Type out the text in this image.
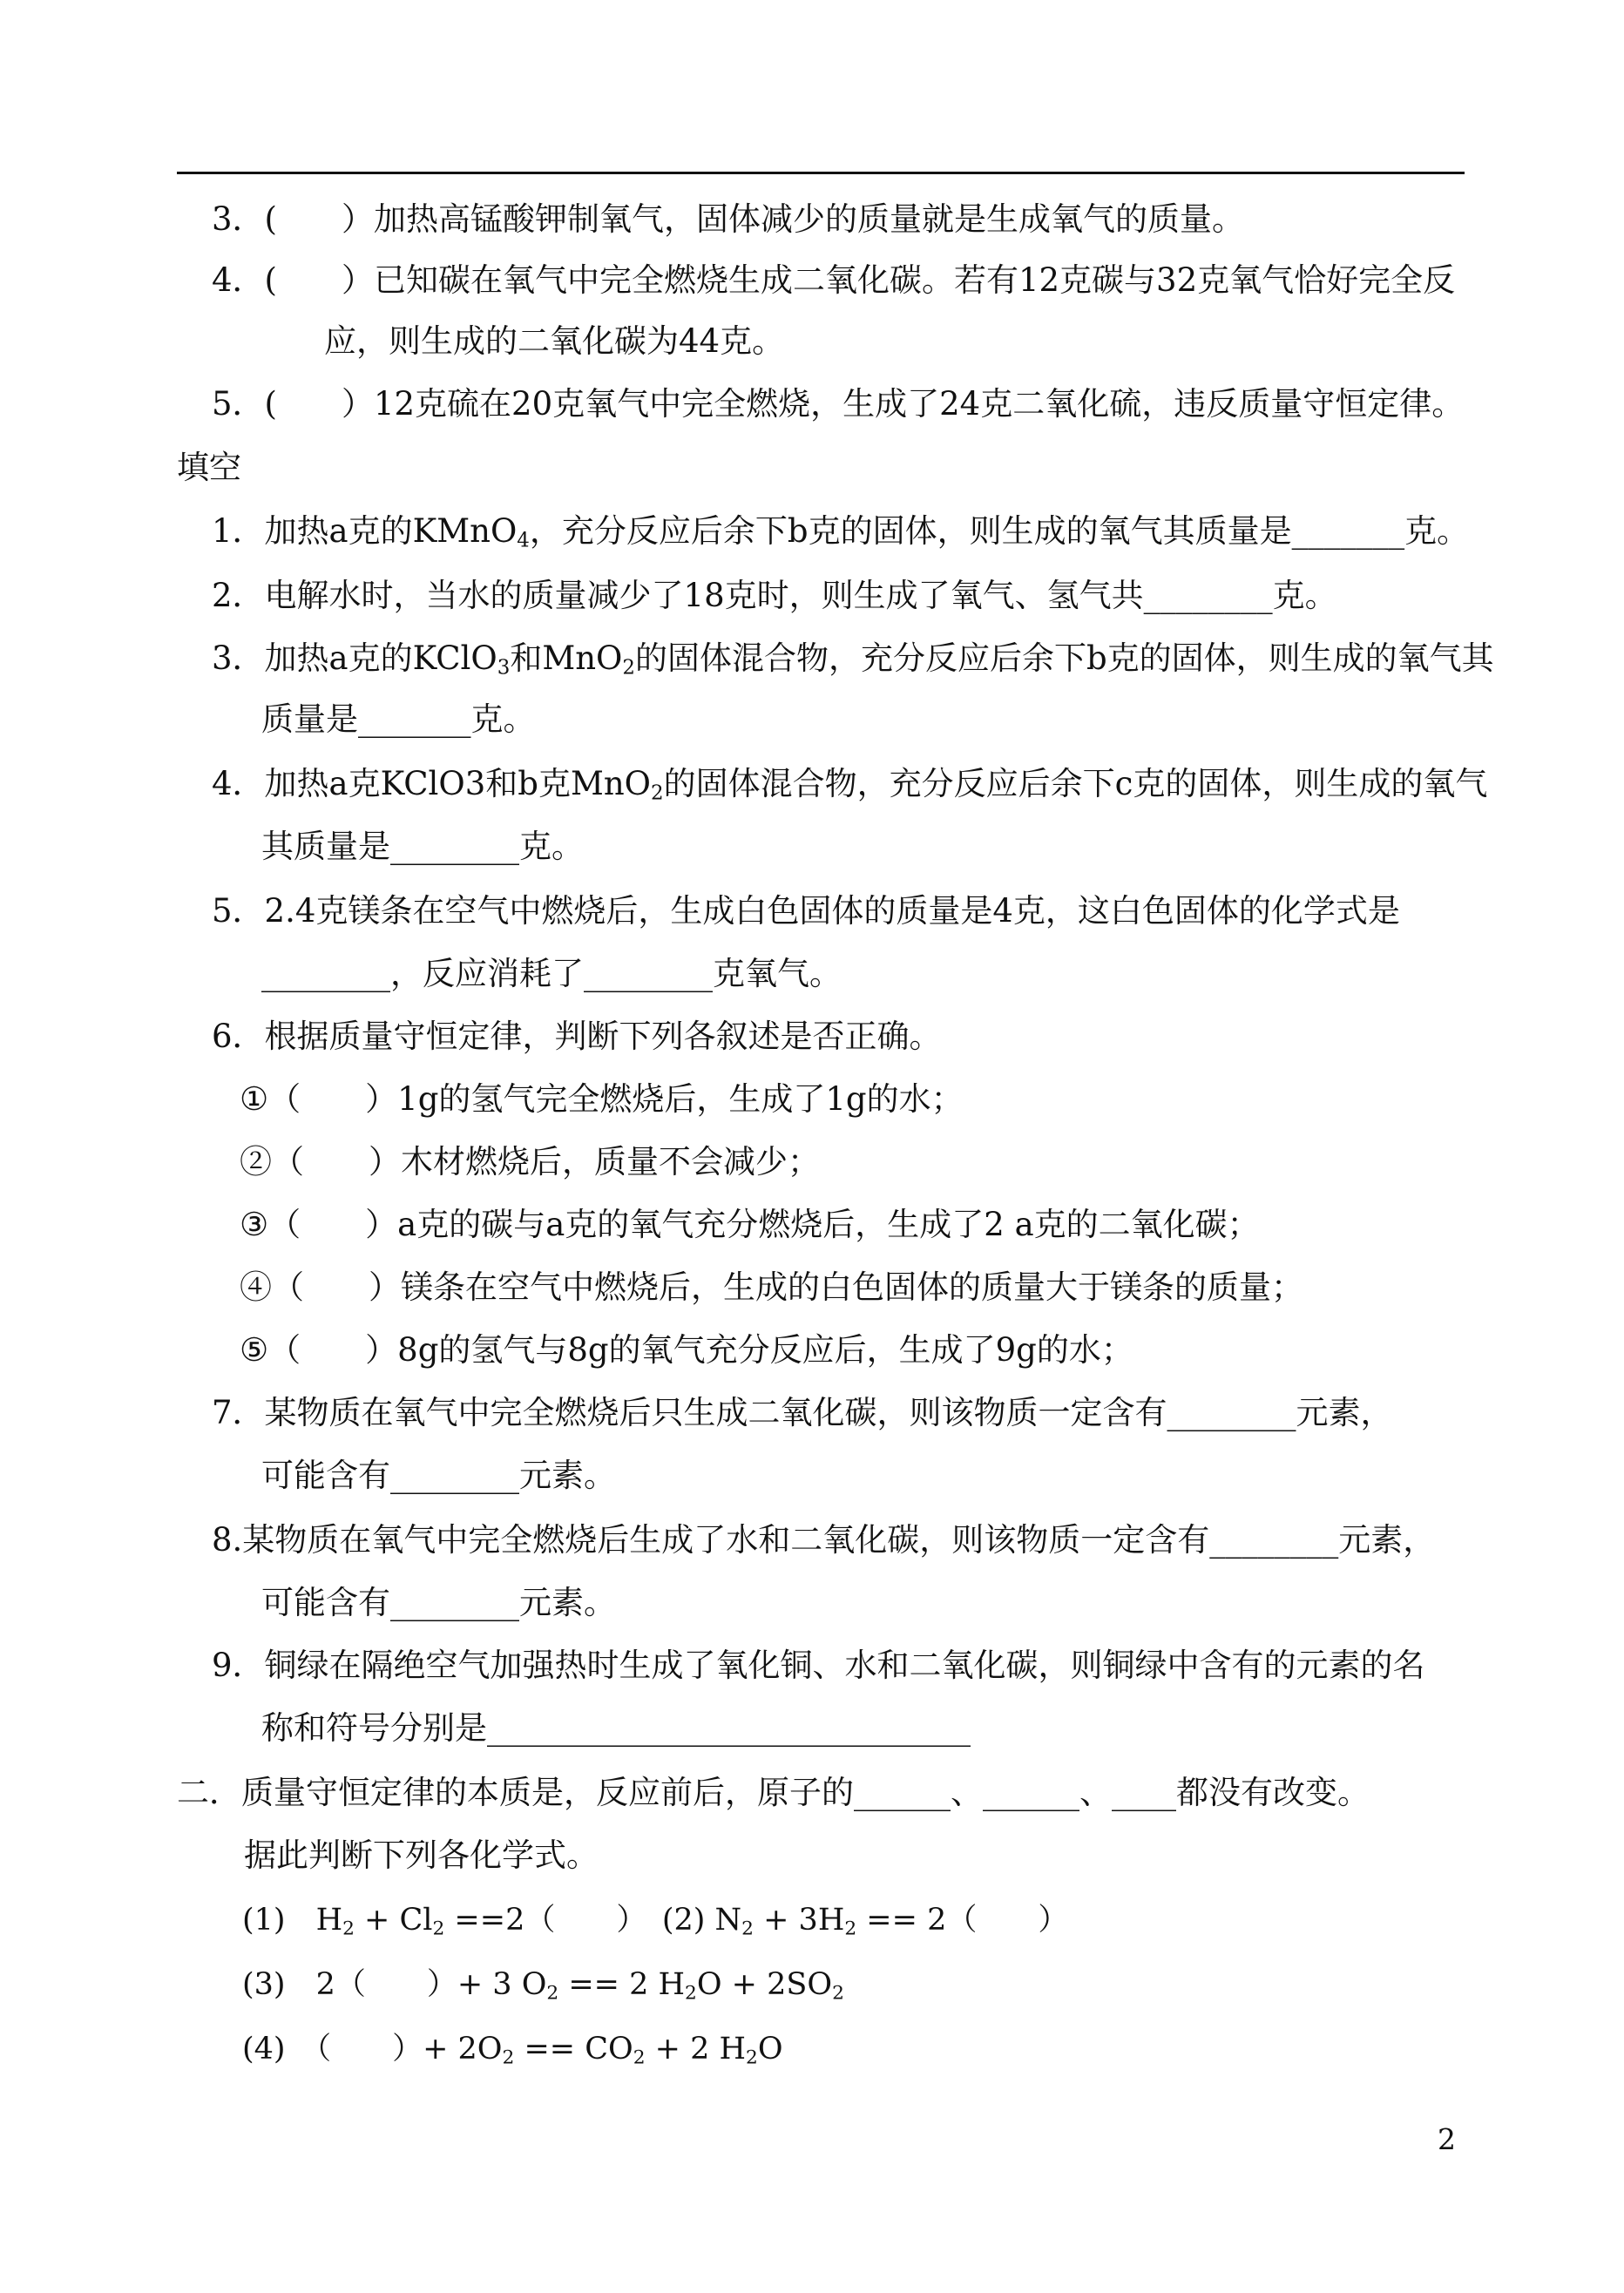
3．(　　）加热高锰酸钾制氧气，固体减少的质量就是生成氧气的质量。
4．(　　）已知碳在氧气中完全燃烧生成二氧化碳。若有12克碳与32克氧气恰好完全反
应，则生成的二氧化碳为44克。
5．(　　）12克硫在20克氧气中完全燃烧，生成了24克二氧化硫，违反质量守恒定律。
填空
1．加热a克的KMnO$_4$，充分反应后余下b克的固体，则生成的氧气其质量是_______克。
2．电解水时，当水的质量减少了18克时，则生成了氧气、氢气共________克。
3．加热a克的KClO$_3$和MnO$_2$的固体混合物，充分反应后余下b克的固体，则生成的氧气其
质量是_______克。
4．加热a克KClO3和b克MnO$_2$的固体混合物，充分反应后余下c克的固体，则生成的氧气
其质量是________克。
5．2.4克镁条在空气中燃烧后，生成白色固体的质量是4克，这白色固体的化学式是
________，反应消耗了________克氧气。
6．根据质量守恒定律，判断下列各叙述是否正确。
①（　　）1g的氢气完全燃烧后，生成了1g的水；
②（　　）木材燃烧后，质量不会减少；
③（　　）a克的碳与a克的氧气充分燃烧后，生成了2 a克的二氧化碳；
④（　　）镁条在空气中燃烧后，生成的白色固体的质量大于镁条的质量；
⑤（　　）8g的氢气与8g的氧气充分反应后，生成了9g的水；
7．某物质在氧气中完全燃烧后只生成二氧化碳，则该物质一定含有________元素，
可能含有________元素。
8.某物质在氧气中完全燃烧后生成了水和二氧化碳，则该物质一定含有________元素，
可能含有________元素。
9．铜绿在隔绝空气加强热时生成了氧化铜、水和二氧化碳，则铜绿中含有的元素的名
称和符号分别是______________________________
二．质量守恒定律的本质是，反应前后，原子的______、______、____都没有改变。
据此判断下列各化学式。
(1)　$H_2 + Cl_2 ==2$（　　）　(2) $N_2 + 3H_2 == 2$（　　）
(3)　2（　　）+ 3 $O_2 == 2$ $H_2O + 2SO_2$
(4)　（　　）+ $2O_2 == CO_2 + 2$ $H_2O$
2
